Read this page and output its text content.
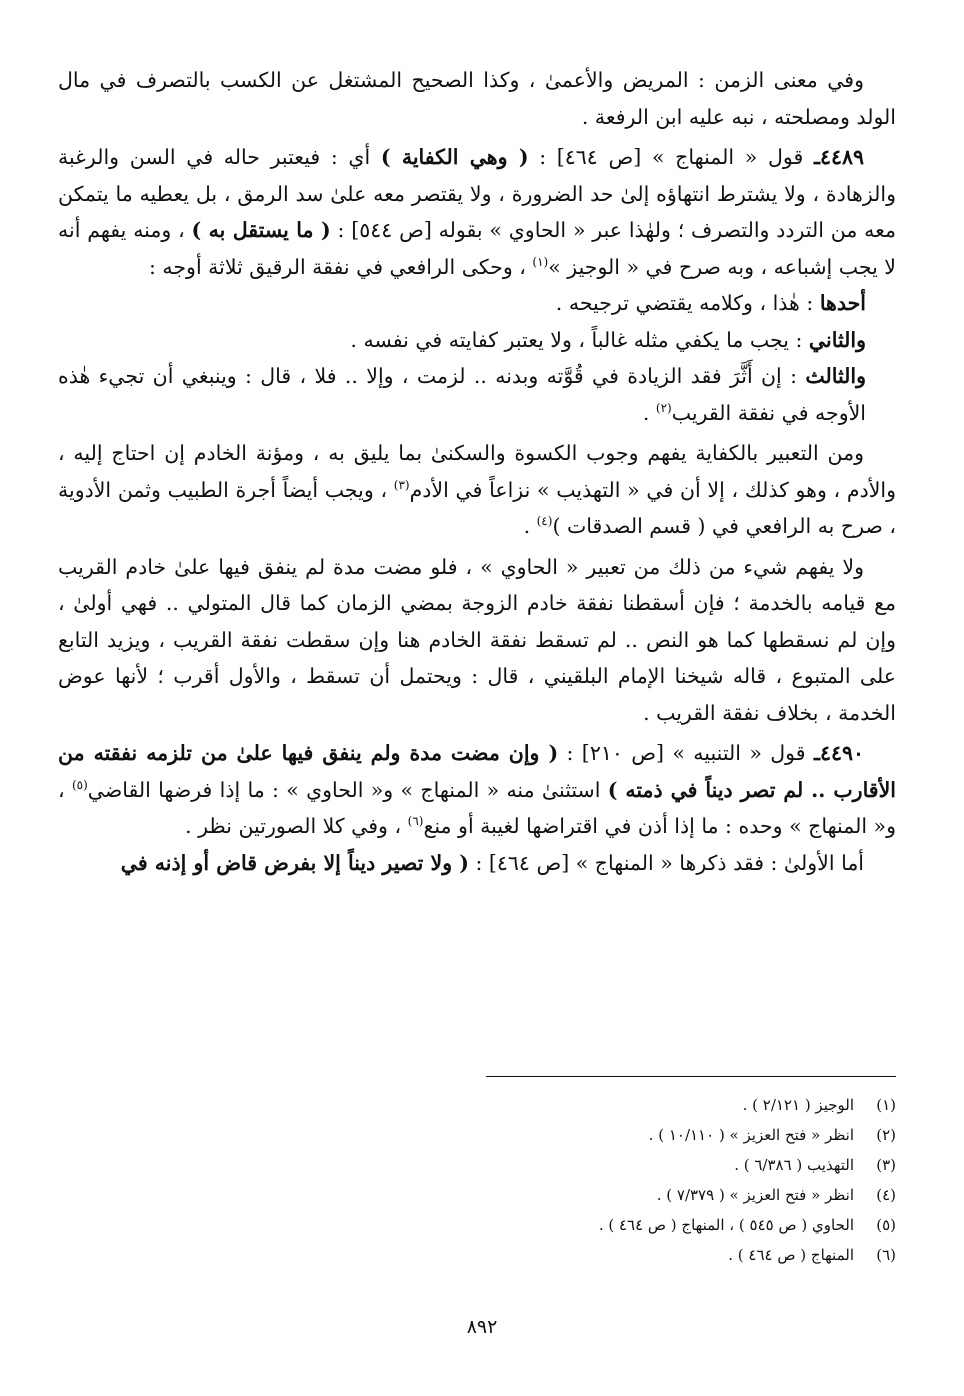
وفي معنى الزمن : المريض والأعمىٰ ، وكذا الصحيح المشتغل عن الكسب بالتصرف في مال الولد ومصلحته ، نبه عليه ابن الرفعة .

٤٤٨٩ـ قول « المنهاج » [ص ٤٦٤] : ( وهي الكفاية ) أي : فيعتبر حاله في السن والرغبة والزهادة ، ولا يشترط انتهاؤه إلىٰ حد الضرورة ، ولا يقتصر معه علىٰ سد الرمق ، بل يعطيه ما يتمكن معه من التردد والتصرف ؛ ولهٰذا عبر « الحاوي » بقوله [ص ٥٤٤] : ( ما يستقل به ) ، ومنه يفهم أنه لا يجب إشباعه ، وبه صرح في « الوجيز »$^{(١)}$ ، وحكى الرافعي في نفقة الرقيق ثلاثة أوجه :

أحدها : هٰذا ، وكلامه يقتضي ترجيحه .

والثاني : يجب ما يكفي مثله غالباً ، ولا يعتبر كفايته في نفسه .

والثالث : إن أَثَّرَ فقد الزيادة في قُوَّته وبدنه .. لزمت ، وإلا .. فلا ، قال : وينبغي أن تجيء هٰذه الأوجه في نفقة القريب$^{(٢)}$ .

ومن التعبير بالكفاية يفهم وجوب الكسوة والسكنىٰ بما يليق به ، ومؤنة الخادم إن احتاج إليه ، والأدم ، وهو كذلك ، إلا أن في « التهذيب » نزاعاً في الأدم$^{(٣)}$ ، ويجب أيضاً أجرة الطبيب وثمن الأدوية ، صرح به الرافعي في ( قسم الصدقات )$^{(٤)}$ .

ولا يفهم شيء من ذلك من تعبير « الحاوي » ، فلو مضت مدة لم ينفق فيها علىٰ خادم القريب مع قيامه بالخدمة ؛ فإن أسقطنا نفقة خادم الزوجة بمضي الزمان كما قال المتولي .. فهي أولىٰ ، وإن لم نسقطها كما هو النص .. لم تسقط نفقة الخادم هنا وإن سقطت نفقة القريب ، ويزيد التابع على المتبوع ، قاله شيخنا الإمام البلقيني ، قال : ويحتمل أن تسقط ، والأول أقرب ؛ لأنها عوض الخدمة ، بخلاف نفقة القريب .

٤٤٩٠ـ قول « التنبيه » [ص ٢١٠] : ( وإن مضت مدة ولم ينفق فيها علىٰ من تلزمه نفقته من الأقارب .. لم تصر ديناً في ذمته ) استثنىٰ منه « المنهاج » و« الحاوي » : ما إذا فرضها القاضي$^{(٥)}$ ، و« المنهاج » وحده : ما إذا أذن في اقتراضها لغيبة أو منع$^{(٦)}$ ، وفي كلا الصورتين نظر .

أما الأولىٰ : فقد ذكرها « المنهاج » [ص ٤٦٤] : ( ولا تصير ديناً إلا بفرض قاض أو إذنه في

(١)
الوجيز ( ٢/١٢١ ) .
(٢)
انظر « فتح العزيز » ( ١٠/١١٠ ) .
(٣)
التهذيب ( ٦/٣٨٦ ) .
(٤)
انظر « فتح العزيز » ( ٧/٣٧٩ ) .
(٥)
الحاوي ( ص ٥٤٥ ) ، المنهاج ( ص ٤٦٤ ) .
(٦)
المنهاج ( ص ٤٦٤ ) .
٨٩٢
